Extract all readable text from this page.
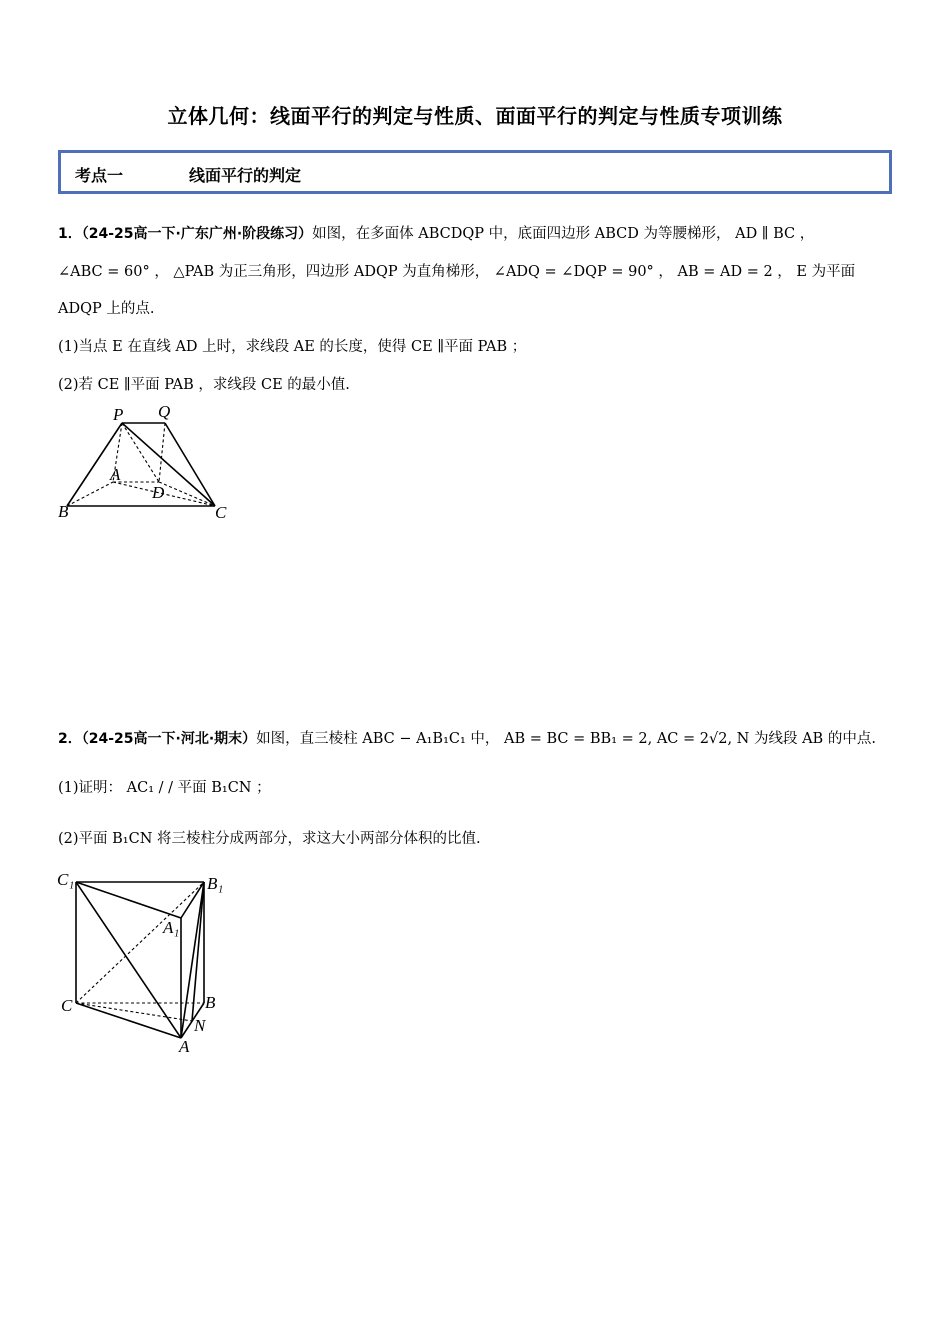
立体几何：线面平行的判定与性质、面面平行的判定与性质专项训练
考点一	线面平行的判定
1．（24-25高一下·广东广州·阶段练习）如图，在多面体 ABCDQP 中，底面四边形 ABCD 为等腰梯形， AD ∥ BC ，
∠ABC = 60° ， △PAB 为正三角形，四边形 ADQP 为直角梯形， ∠ADQ = ∠DQP = 90° ， AB = AD = 2 ， E 为平面
ADQP 上的点.
(1)当点 E 在直线 AD 上时，求线段 AE 的长度，使得 CE ∥平面 PAB ；
(2)若 CE ∥平面 PAB ，求线段 CE 的最小值.
P Q
A
D
B	C
2．（24-25高一下·河北·期末）如图，直三棱柱 ABC − A₁B₁C₁ 中， AB = BC = BB₁ = 2, AC = 2√2, N 为线段 AB 的中点.
(1)证明： AC₁ / / 平面 B₁CN ；
(2)平面 B₁CN 将三棱柱分成两部分，求这大小两部分体积的比值.
C₁	B₁
A₁
C	B
N
A
